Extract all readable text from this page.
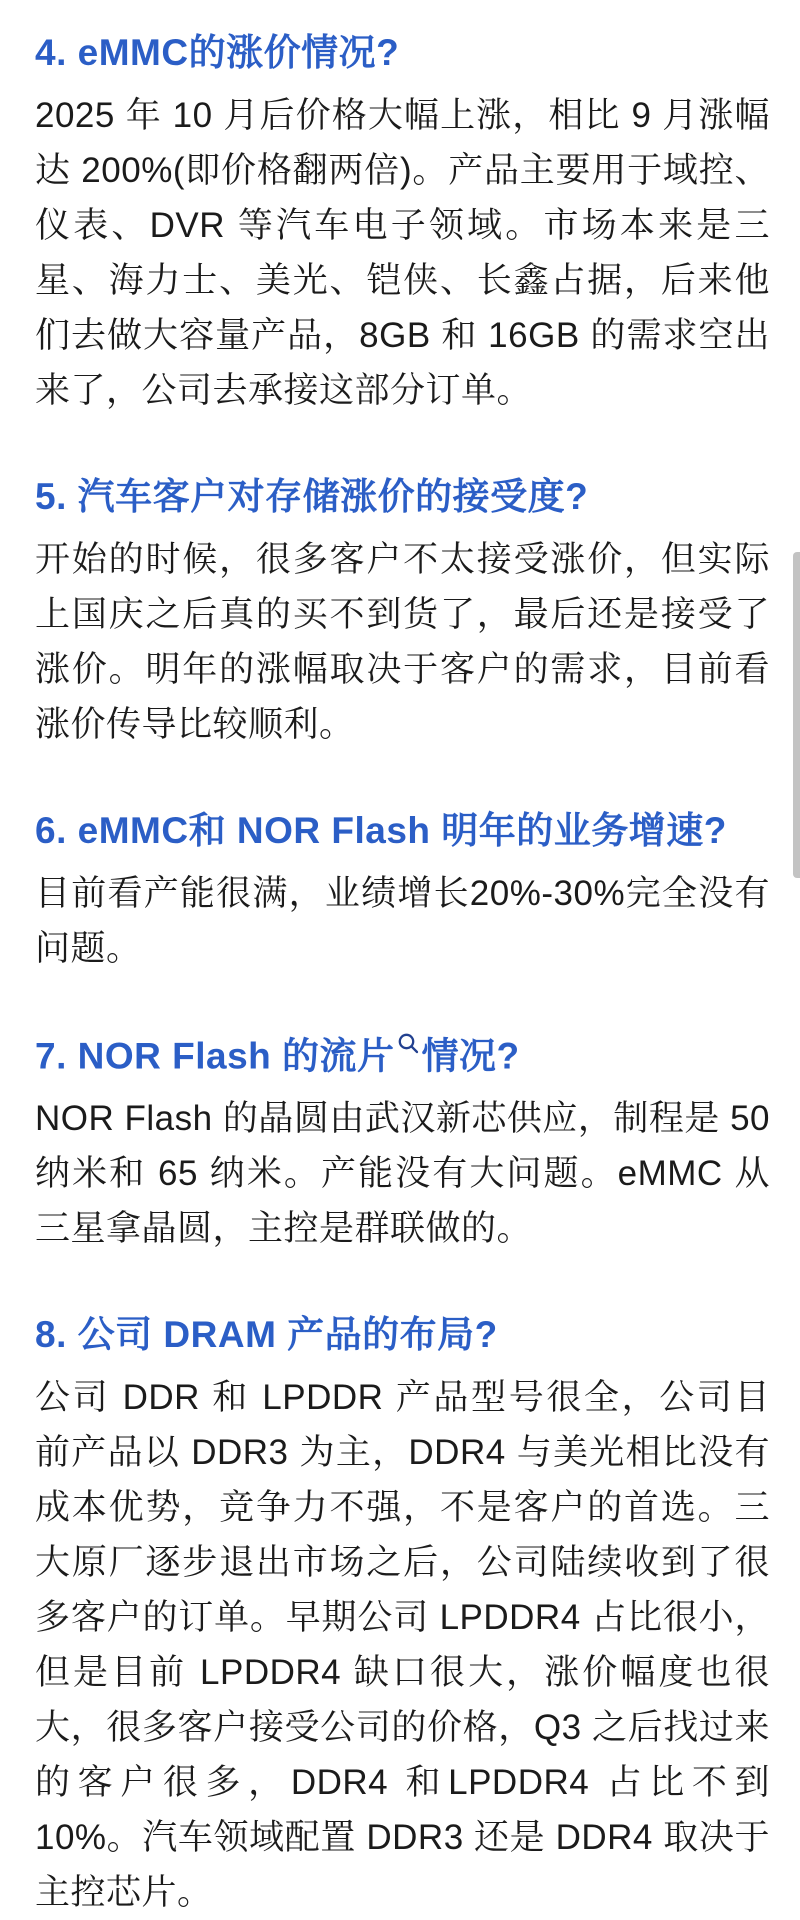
4. eMMC的涨价情况?

2025 年 10 月后价格大幅上涨，相比 9 月涨幅达 200%(即价格翻两倍)。产品主要用于域控、仪表、DVR 等汽车电子领域。市场本来是三星、海力士、美光、铠侠、长鑫占据，后来他们去做大容量产品，8GB 和 16GB 的需求空出来了，公司去承接这部分订单。

5. 汽车客户对存储涨价的接受度?

开始的时候，很多客户不太接受涨价，但实际上国庆之后真的买不到货了，最后还是接受了涨价。明年的涨幅取决于客户的需求，目前看涨价传导比较顺利。

6. eMMC和 NOR Flash 明年的业务增速?

目前看产能很满，业绩增长20%-30%完全没有问题。

7. NOR Flash 的流片 情况?

NOR Flash 的晶圆由武汉新芯供应，制程是 50 纳米和 65 纳米。产能没有大问题。eMMC 从三星拿晶圆，主控是群联做的。

8. 公司 DRAM 产品的布局?

公司 DDR 和 LPDDR 产品型号很全，公司目前产品以 DDR3 为主，DDR4 与美光相比没有成本优势，竞争力不强，不是客户的首选。三大原厂逐步退出市场之后，公司陆续收到了很多客户的订单。早期公司 LPDDR4 占比很小，但是目前 LPDDR4 缺口很大，涨价幅度也很大，很多客户接受公司的价格，Q3 之后找过来的客户很多，DDR4 和LPDDR4 占比不到 10%。汽车领域配置 DDR3 还是 DDR4 取决于主控芯片。
